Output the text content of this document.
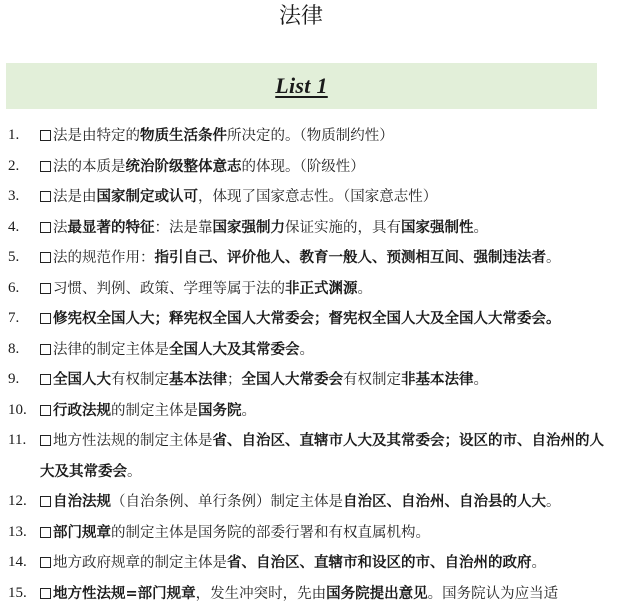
法律
List 1
1. 法是由特定的物质生活条件所决定的。（物质制约性）
2. 法的本质是统治阶级整体意志的体现。（阶级性）
3. 法是由国家制定或认可，体现了国家意志性。（国家意志性）
4. 法最显著的特征：法是靠国家强制力保证实施的，具有国家强制性。
5. 法的规范作用：指引自己、评价他人、教育一般人、预测相互间、强制违法者。
6. 习惯、判例、政策、学理等属于法的非正式渊源。
7. 修宪权全国人大；释宪权全国人大常委会；督宪权全国人大及全国人大常委会。
8. 法律的制定主体是全国人大及其常委会。
9. 全国人大有权制定基本法律；全国人大常委会有权制定非基本法律。
10. 行政法规的制定主体是国务院。
11. 地方性法规的制定主体是省、自治区、直辖市人大及其常委会；设区的市、自治州的人大及其常委会。
12. 自治法规（自治条例、单行条例）制定主体是自治区、自治州、自治县的人大。
13. 部门规章的制定主体是国务院的部委行署和有权直属机构。
14. 地方政府规章的制定主体是省、自治区、直辖市和设区的市、自治州的政府。
15. 地方性法规=部门规章，发生冲突时，先由国务院提出意见。国务院认为应当适
